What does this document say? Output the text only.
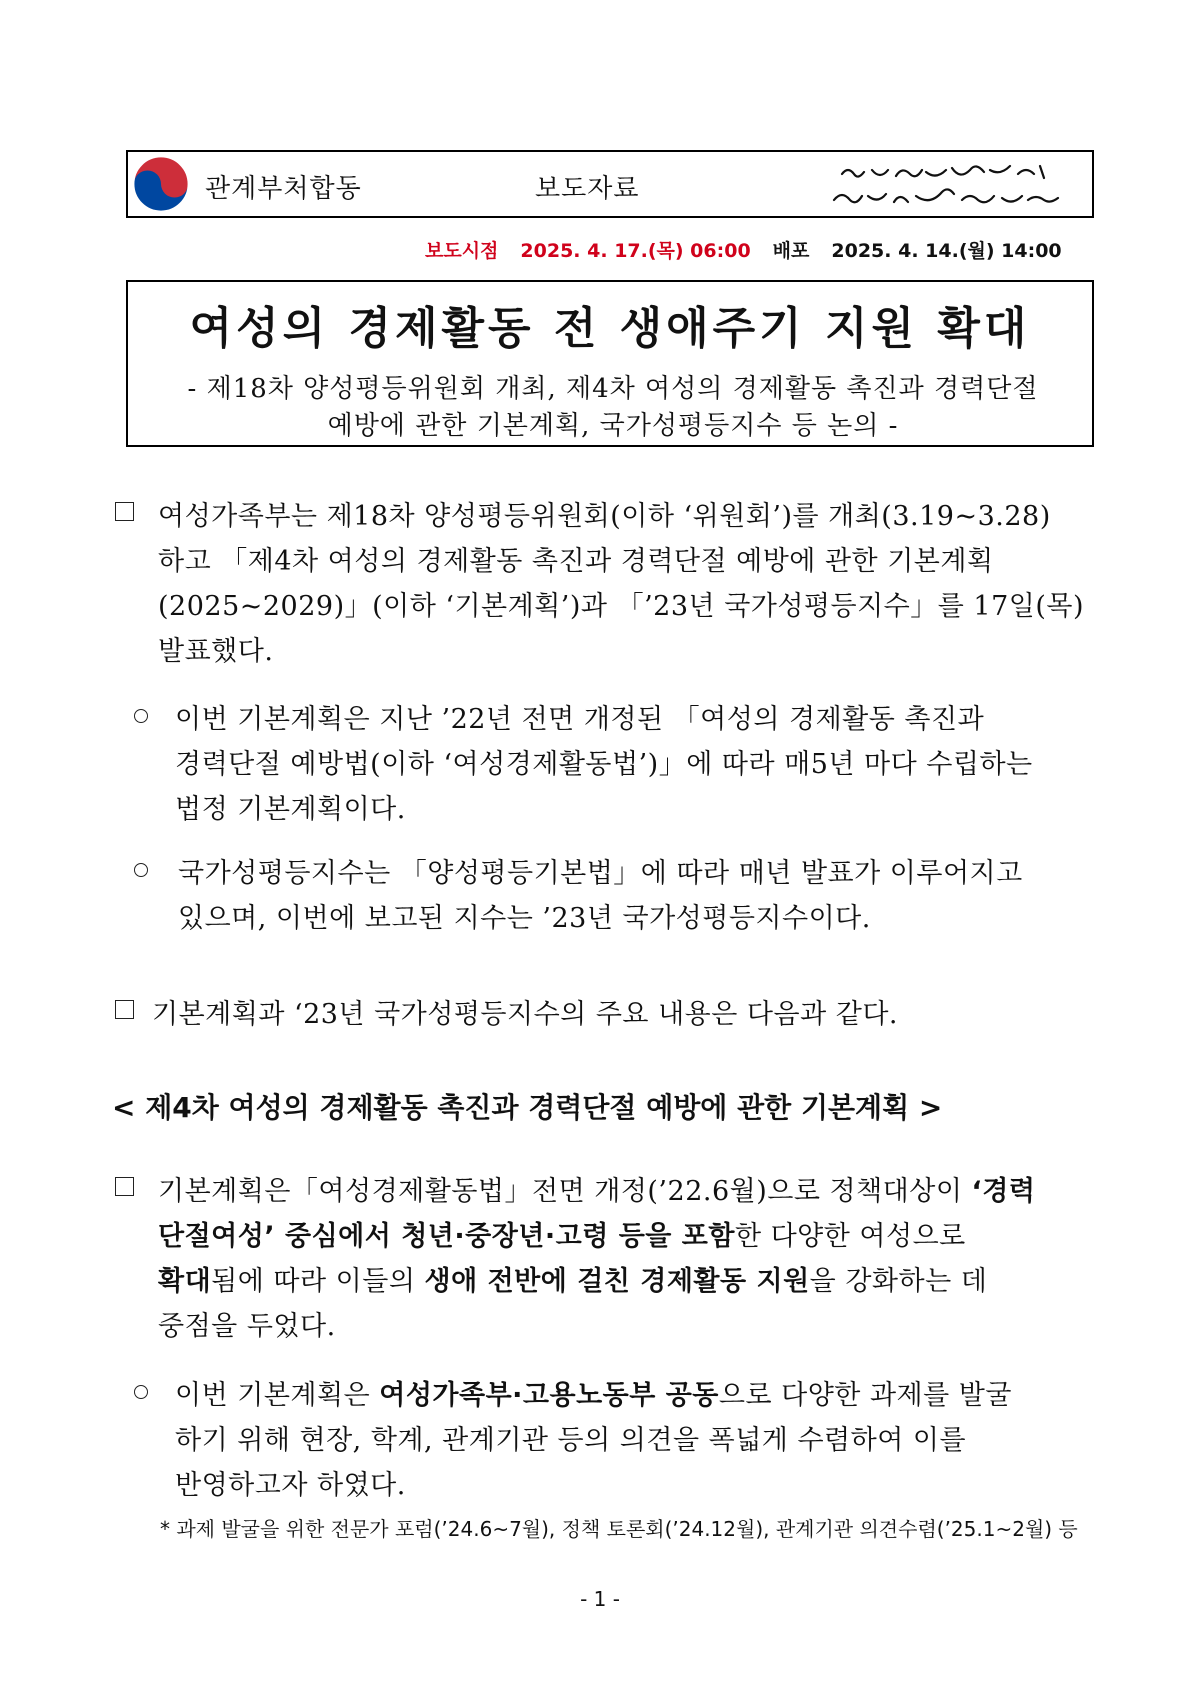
관계부처합동	보도자료
보도시점 2025. 4. 17.(목) 06:00 배포 2025. 4. 14.(월) 14:00
여성의 경제활동 전 생애주기 지원 확대
- 제18차 양성평등위원회 개최, 제4차 여성의 경제활동 촉진과 경력단절
예방에 관한 기본계획, 국가성평등지수 등 논의 -
여성가족부는 제18차 양성평등위원회(이하 ‘위원회’)를 개최(3.19~3.28)
하고 「제4차 여성의 경제활동 촉진과 경력단절 예방에 관한 기본계획
(2025~2029)」(이하 ‘기본계획’)과 「’23년 국가성평등지수」를 17일(목)
발표했다.
이번 기본계획은 지난 ’22년 전면 개정된 「여성의 경제활동 촉진과
경력단절 예방법(이하 ‘여성경제활동법’)」에 따라 매5년 마다 수립하는
법정 기본계획이다.
국가성평등지수는 「양성평등기본법」에 따라 매년 발표가 이루어지고
있으며, 이번에 보고된 지수는 ’23년 국가성평등지수이다.
기본계획과 ‘23년 국가성평등지수의 주요 내용은 다음과 같다.
< 제4차 여성의 경제활동 촉진과 경력단절 예방에 관한 기본계획 >
기본계획은「여성경제활동법」전면 개정(’22.6월)으로 정책대상이 ‘경력
단절여성’ 중심에서 청년·중장년·고령 등을 포함한 다양한 여성으로
확대됨에 따라 이들의 생애 전반에 걸친 경제활동 지원을 강화하는 데
중점을 두었다.
이번 기본계획은 여성가족부·고용노동부 공동으로 다양한 과제를 발굴
하기 위해 현장, 학계, 관계기관 등의 의견을 폭넓게 수렴하여 이를
반영하고자 하였다.
* 과제 발굴을 위한 전문가 포럼(’24.6~7월), 정책 토론회(’24.12월), 관계기관 의견수렴(’25.1~2월) 등
- 1 -
